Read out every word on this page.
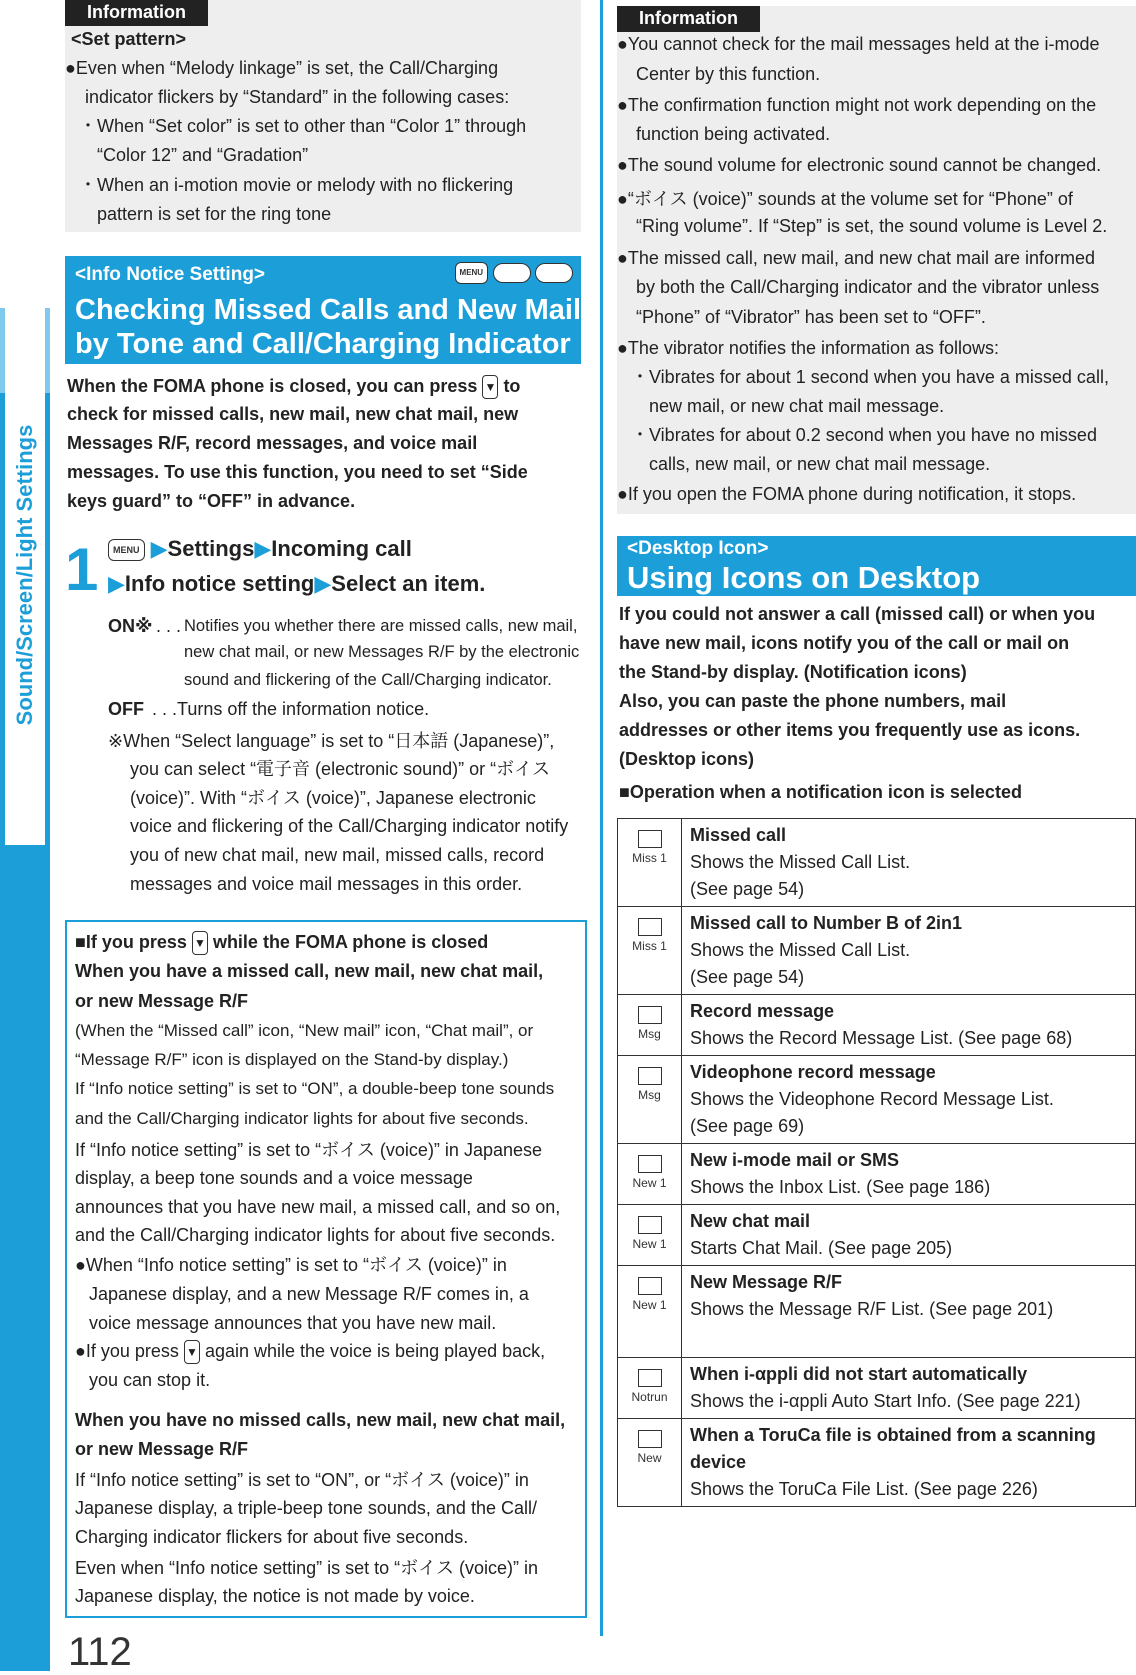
Sound/Screen/Light Settings
112
Information
<Set pattern>
●Even when “Melody linkage” is set, the Call/Charging
indicator flickers by “Standard” in the following cases:
・When “Set color” is set to other than “Color 1” through
“Color 12” and “Gradation”
・When an i-motion movie or melody with no flickering
pattern is set for the ring tone
<Info Notice Setting>	MENU 6 5
Checking Missed Calls and New Mail
by Tone and Call/Charging Indicator
When the FOMA phone is closed, you can press ▼ to
check for missed calls, new mail, new chat mail, new
Messages R/F, record messages, and voice mail
messages. To use this function, you need to set “Side
keys guard” to “OFF” in advance.
1	MENU ▶Settings▶Incoming call
▶Info notice setting▶Select an item.
ON※ . . . Notifies you whether there are missed calls, new mail,
new chat mail, or new Messages R/F by the electronic
sound and flickering of the Call/Charging indicator.
OFF . . .Turns off the information notice.
※When “Select language” is set to “日本語 (Japanese)”,
you can select “電子音 (electronic sound)” or “ボイス
(voice)”. With “ボイス (voice)”, Japanese electronic
voice and flickering of the Call/Charging indicator notify
you of new chat mail, new mail, missed calls, record
messages and voice mail messages in this order.
■If you press ▼ while the FOMA phone is closed
When you have a missed call, new mail, new chat mail,
or new Message R/F
(When the “Missed call” icon, “New mail” icon, “Chat mail”, or
“Message R/F” icon is displayed on the Stand-by display.)
If “Info notice setting” is set to “ON”, a double-beep tone sounds
and the Call/Charging indicator lights for about five seconds.
If “Info notice setting” is set to “ボイス (voice)” in Japanese
display, a beep tone sounds and a voice message
announces that you have new mail, a missed call, and so on,
and the Call/Charging indicator lights for about five seconds.
●When “Info notice setting” is set to “ボイス (voice)” in
Japanese display, and a new Message R/F comes in, a
voice message announces that you have new mail.
●If you press ▼ again while the voice is being played back,
you can stop it.
When you have no missed calls, new mail, new chat mail,
or new Message R/F
If “Info notice setting” is set to “ON”, or “ボイス (voice)” in
Japanese display, a triple-beep tone sounds, and the Call/
Charging indicator flickers for about five seconds.
Even when “Info notice setting” is set to “ボイス (voice)” in
Japanese display, the notice is not made by voice.
Information
●You cannot check for the mail messages held at the i-mode
Center by this function.
●The confirmation function might not work depending on the
function being activated.
●The sound volume for electronic sound cannot be changed.
●“ボイス (voice)” sounds at the volume set for “Phone” of
“Ring volume”. If “Step” is set, the sound volume is Level 2.
●The missed call, new mail, and new chat mail are informed
by both the Call/Charging indicator and the vibrator unless
“Phone” of “Vibrator” has been set to “OFF”.
●The vibrator notifies the information as follows:
・Vibrates for about 1 second when you have a missed call,
new mail, or new chat mail message.
・Vibrates for about 0.2 second when you have no missed
calls, new mail, or new chat mail message.
●If you open the FOMA phone during notification, it stops.
<Desktop Icon>
Using Icons on Desktop
If you could not answer a call (missed call) or when you
have new mail, icons notify you of the call or mail on
the Stand-by display. (Notification icons)
Also, you can paste the phone numbers, mail
addresses or other items you frequently use as icons.
(Desktop icons)
■Operation when a notification icon is selected

Miss 1	Missed call
Shows the Missed Call List.
(See page 54)

Miss 1	Missed call to Number B of 2in1
Shows the Missed Call List.
(See page 54)

Msg	Record message
Shows the Record Message List. (See page 68)

Msg	Videophone record message
Shows the Videophone Record Message List.
(See page 69)

New 1	New i-mode mail or SMS
Shows the Inbox List. (See page 186)

New 1	New chat mail
Starts Chat Mail. (See page 205)

New 1	New Message R/F
Shows the Message R/F List. (See page 201)

Notrun	When i-αppli did not start automatically
Shows the i-αppli Auto Start Info. (See page 221)

New	When a ToruCa file is obtained from a scanning
device
Shows the ToruCa File List. (See page 226)
